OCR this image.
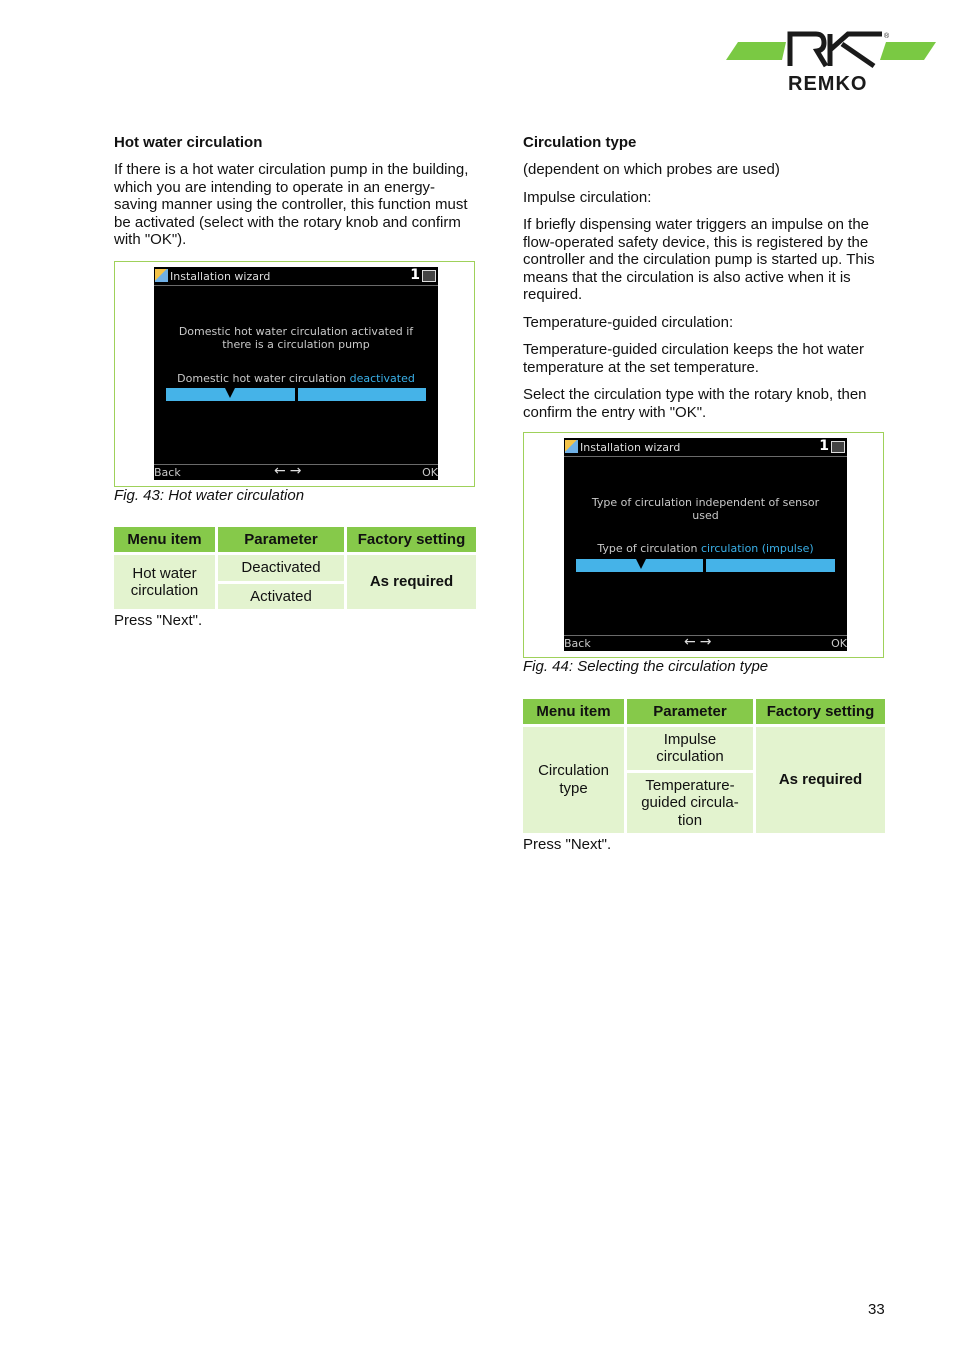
REMKO
®
Hot water circulation

If there is a hot water circulation pump in the building, which you are intending to operate in an energy-saving manner using the controller, this function must be activated (select with the rotary knob and confirm with "OK").

Installation wizard	1
Domestic hot water circulation activated if
there is a circulation pump
Domestic hot water circulation deactivated
Back	←→	OK

Fig. 43: Hot water circulation

Menu item	Parameter	Factory setting
Hot water circulation	Deactivated	As required
	Activated	

Press "Next".

Circulation type

(dependent on which probes are used)

Impulse circulation:

If briefly dispensing water triggers an impulse on the flow-operated safety device, this is registered by the controller and the circulation pump is started up. This means that the circulation is also active when it is required.

Temperature-guided circulation:

Temperature-guided circulation keeps the hot water temperature at the set temperature.

Select the circulation type with the rotary knob, then confirm the entry with "OK".

Installation wizard	1
Type of circulation independent of sensor
used
Type of circulation circulation (impulse)
Back	←→	OK

Fig. 44: Selecting the circulation type

Menu item	Parameter	Factory setting
Circulation type	Impulse circulation	As required
	Temperature-guided circula-tion	

Press "Next".

33
